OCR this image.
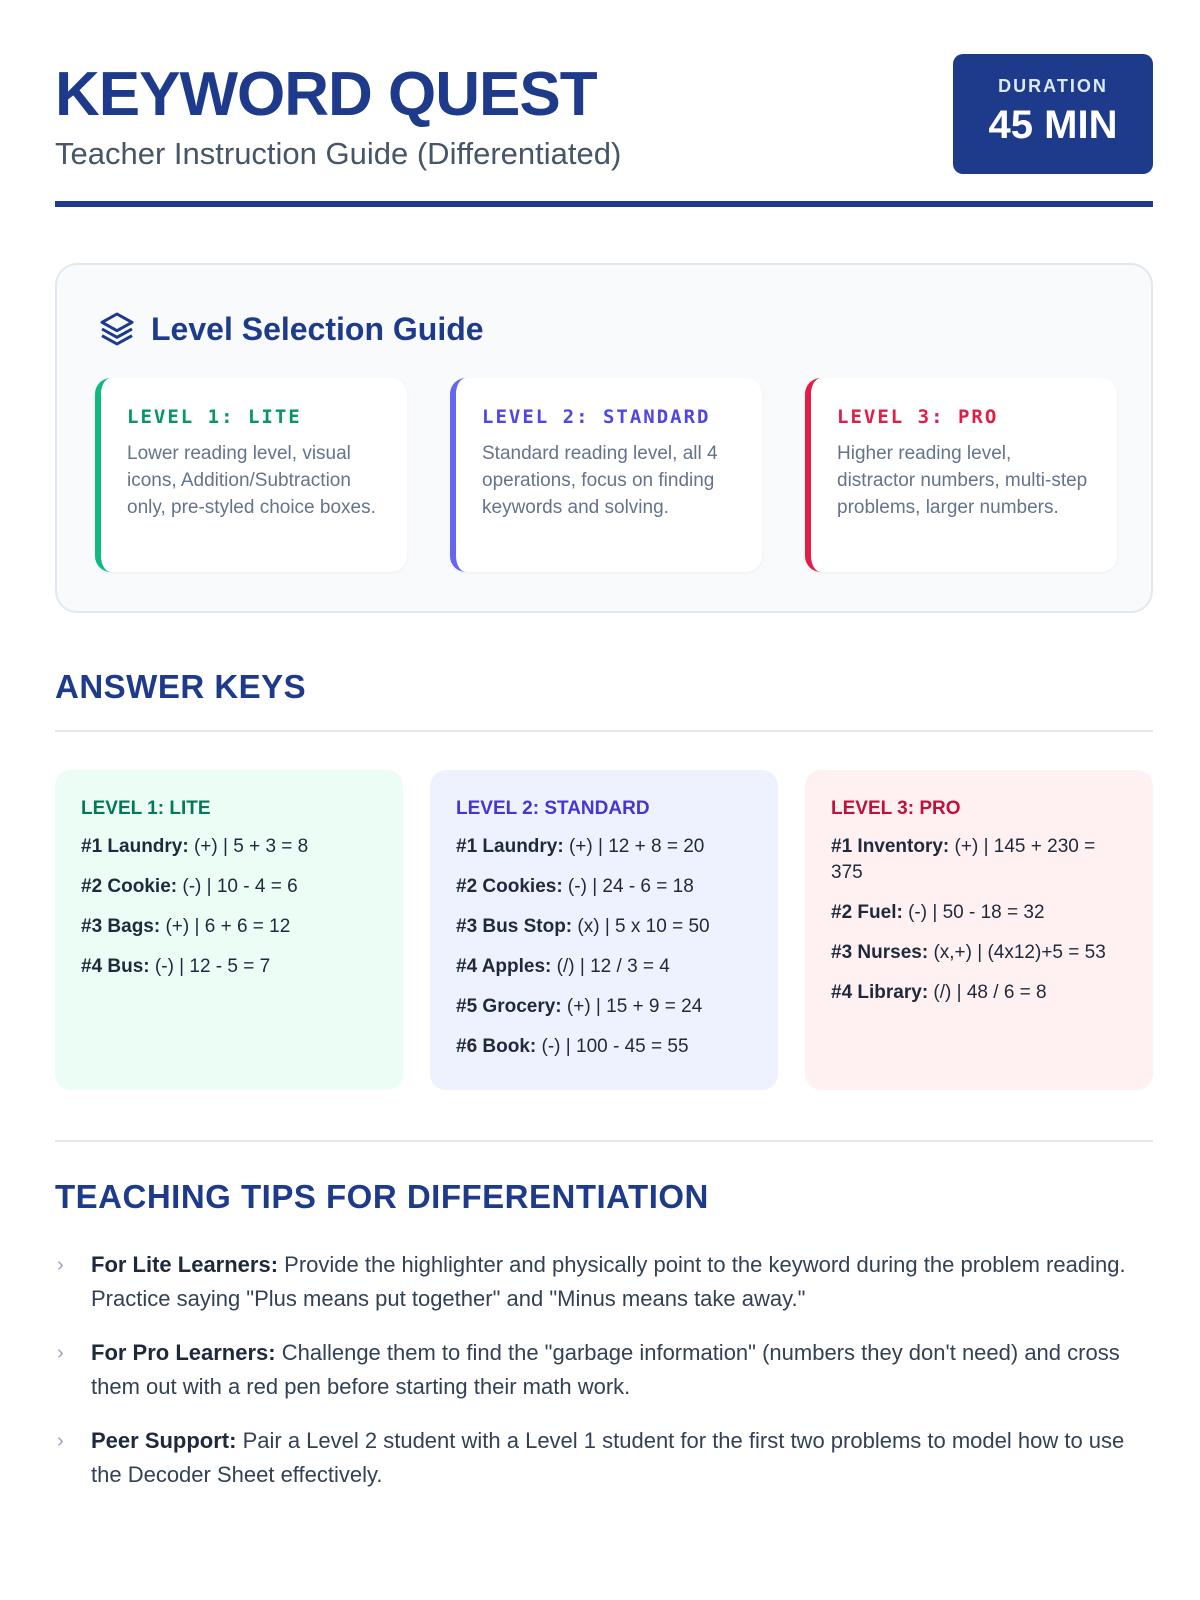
KEYWORD QUEST
Teacher Instruction Guide (Differentiated)
DURATION
45 MIN
Level Selection Guide
LEVEL 1: LITE
Lower reading level, visual icons, Addition/Subtraction only, pre-styled choice boxes.
LEVEL 2: STANDARD
Standard reading level, all 4 operations, focus on finding keywords and solving.
LEVEL 3: PRO
Higher reading level, distractor numbers, multi-step problems, larger numbers.
ANSWER KEYS
LEVEL 1: LITE
#1 Laundry: (+) | 5 + 3 = 8
#2 Cookie: (-) | 10 - 4 = 6
#3 Bags: (+) | 6 + 6 = 12
#4 Bus: (-) | 12 - 5 = 7
LEVEL 2: STANDARD
#1 Laundry: (+) | 12 + 8 = 20
#2 Cookies: (-) | 24 - 6 = 18
#3 Bus Stop: (x) | 5 x 10 = 50
#4 Apples: (/) | 12 / 3 = 4
#5 Grocery: (+) | 15 + 9 = 24
#6 Book: (-) | 100 - 45 = 55
LEVEL 3: PRO
#1 Inventory: (+) | 145 + 230 = 375
#2 Fuel: (-) | 50 - 18 = 32
#3 Nurses: (x,+) | (4x12)+5 = 53
#4 Library: (/) | 48 / 6 = 8
TEACHING TIPS FOR DIFFERENTIATION
› For Lite Learners: Provide the highlighter and physically point to the keyword during the problem reading. Practice saying "Plus means put together" and "Minus means take away."
› For Pro Learners: Challenge them to find the "garbage information" (numbers they don't need) and cross them out with a red pen before starting their math work.
› Peer Support: Pair a Level 2 student with a Level 1 student for the first two problems to model how to use the Decoder Sheet effectively.
